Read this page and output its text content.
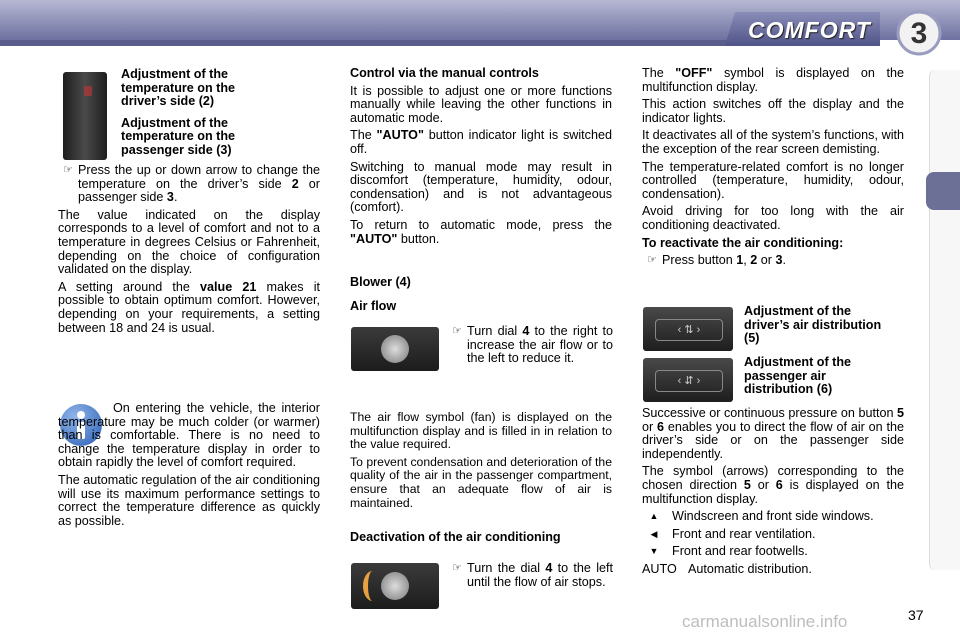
COMFORT	3
Adjustment of the temperature on the driver’s side (2)
Adjustment of the temperature on the passenger side (3)
☞ Press the up or down arrow to change the temperature on the driver’s side 2 or passenger side 3.

The value indicated on the display corresponds to a level of comfort and not to a temperature in degrees Celsius or Fahrenheit, depending on the choice of configuration validated on the display.

A setting around the value 21 makes it possible to obtain optimum comfort. However, depending on your requirements, a setting between 18 and 24 is usual.

On entering the vehicle, the interior temperature may be much colder (or warmer) than is comfortable. There is no need to change the temperature display in order to obtain rapidly the level of comfort required.

The automatic regulation of the air conditioning will use its maximum performance settings to correct the temperature difference as quickly as possible.

Control via the manual controls

It is possible to adjust one or more functions manually while leaving the other functions in automatic mode.

The "AUTO" button indicator light is switched off.

Switching to manual mode may result in discomfort (temperature, humidity, odour, condensation) and is not advantageous (comfort).

To return to automatic mode, press the "AUTO" button.

Blower (4)
Air flow
☞ Turn dial 4 to the right to increase the air flow or to the left to reduce it.

The air flow symbol (fan) is displayed on the multifunction display and is filled in in relation to the value required.

To prevent condensation and deterioration of the quality of the air in the passenger compartment, ensure that an adequate flow of air is maintained.

Deactivation of the air conditioning
☞ Turn the dial 4 to the left until the flow of air stops.

The "OFF" symbol is displayed on the multifunction display.

This action switches off the display and the indicator lights.

It deactivates all of the system’s functions, with the exception of the rear screen demisting.

The temperature-related comfort is no longer controlled (temperature, humidity, odour, condensation).

Avoid driving for too long with the air conditioning deactivated.

To reactivate the air conditioning:
☞ Press button 1, 2 or 3.
‹ ⇅ ›
Adjustment of the driver’s air distribution (5)
‹ ⇵ ›
Adjustment of the passenger air distribution (6)

Successive or continuous pressure on button 5 or 6 enables you to direct the flow of air on the driver’s side or on the passenger side independently.

The symbol (arrows) corresponding to the chosen direction 5 or 6 is displayed on the multifunction display.

▲	Windscreen and front side windows.
◀	Front and rear ventilation.
▼	Front and rear footwells.
AUTO Automatic distribution.
carmanualsonline.info	37
